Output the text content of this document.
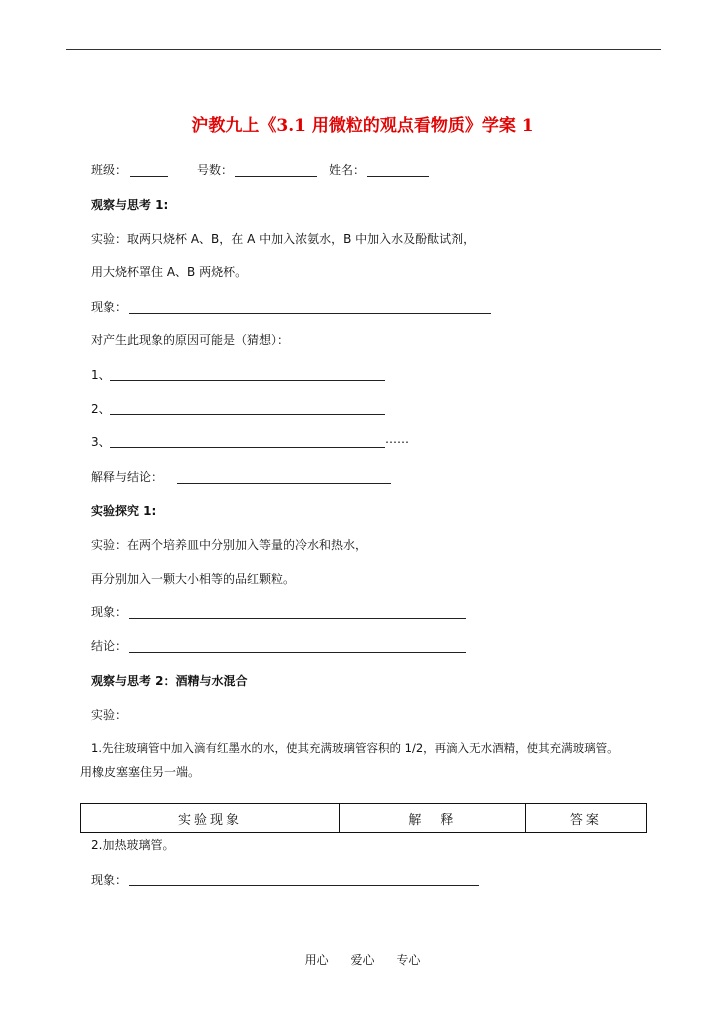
沪教九上《3.1 用微粒的观点看物质》学案 1
班级：	号数：	姓名：
观察与思考 1:
实验：取两只烧杯 A、B，在 A 中加入浓氨水，B 中加入水及酚酞试剂，
用大烧杯罩住 A、B 两烧杯。
现象：
对产生此现象的原因可能是（猜想）：
1、
2、
3、	……
解释与结论：
实验探究 1:
实验：在两个培养皿中分别加入等量的冷水和热水，
再分别加入一颗大小相等的品红颗粒。
现象：
结论：
观察与思考 2：酒精与水混合
实验：
1.先往玻璃管中加入滴有红墨水的水，使其充满玻璃管容积的 1/2，再滴入无水酒精，使其充满玻璃管。
用橡皮塞塞住另一端。
实验现象	解　释	答案
2.加热玻璃管。
现象：
用心 爱心 专心
